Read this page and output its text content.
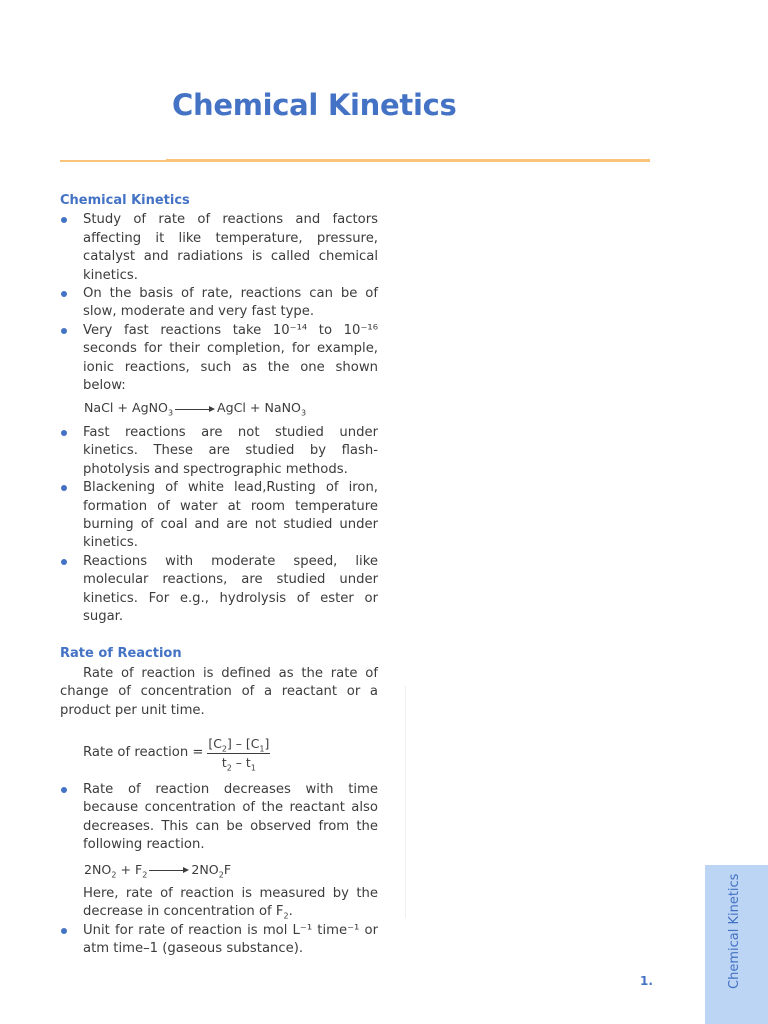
Chemical Kinetics
Chemical Kinetics
Study of rate of reactions and factors affecting it like temperature, pressure, catalyst and radiations is called chemical kinetics.
On the basis of rate, reactions can be of slow, moderate and very fast type.
Very fast reactions take 10⁻¹⁴ to 10⁻¹⁶ seconds for their completion, for example, ionic reactions, such as the one shown below:
NaCl + AgNO$_3$	AgCl + NaNO$_3$
Fast reactions are not studied under kinetics. These are studied by flash-photolysis and spectrographic methods.
Blackening of white lead,Rusting of iron, formation of water at room temperature burning of coal and are not studied under kinetics.
Reactions with moderate speed, like molecular reactions, are studied under kinetics. For e.g., hydrolysis of ester or sugar.
Rate of Reaction

Rate of reaction is defined as the rate of change of concentration of a reactant or a product per unit time.

Rate of reaction = $\frac{[C_2] - [C_1]}{t_2 - t_1}$
Rate of reaction decreases with time because concentration of the reactant also decreases. This can be observed from the following reaction.
$2NO_2 + F_2$	$2NO_2F$

Here, rate of reaction is measured by the decrease in concentration of $F_2$.

Unit for rate of reaction is mol L⁻¹ time⁻¹ or atm time–1 (gaseous substance).	Chemical Kinetics
1.
